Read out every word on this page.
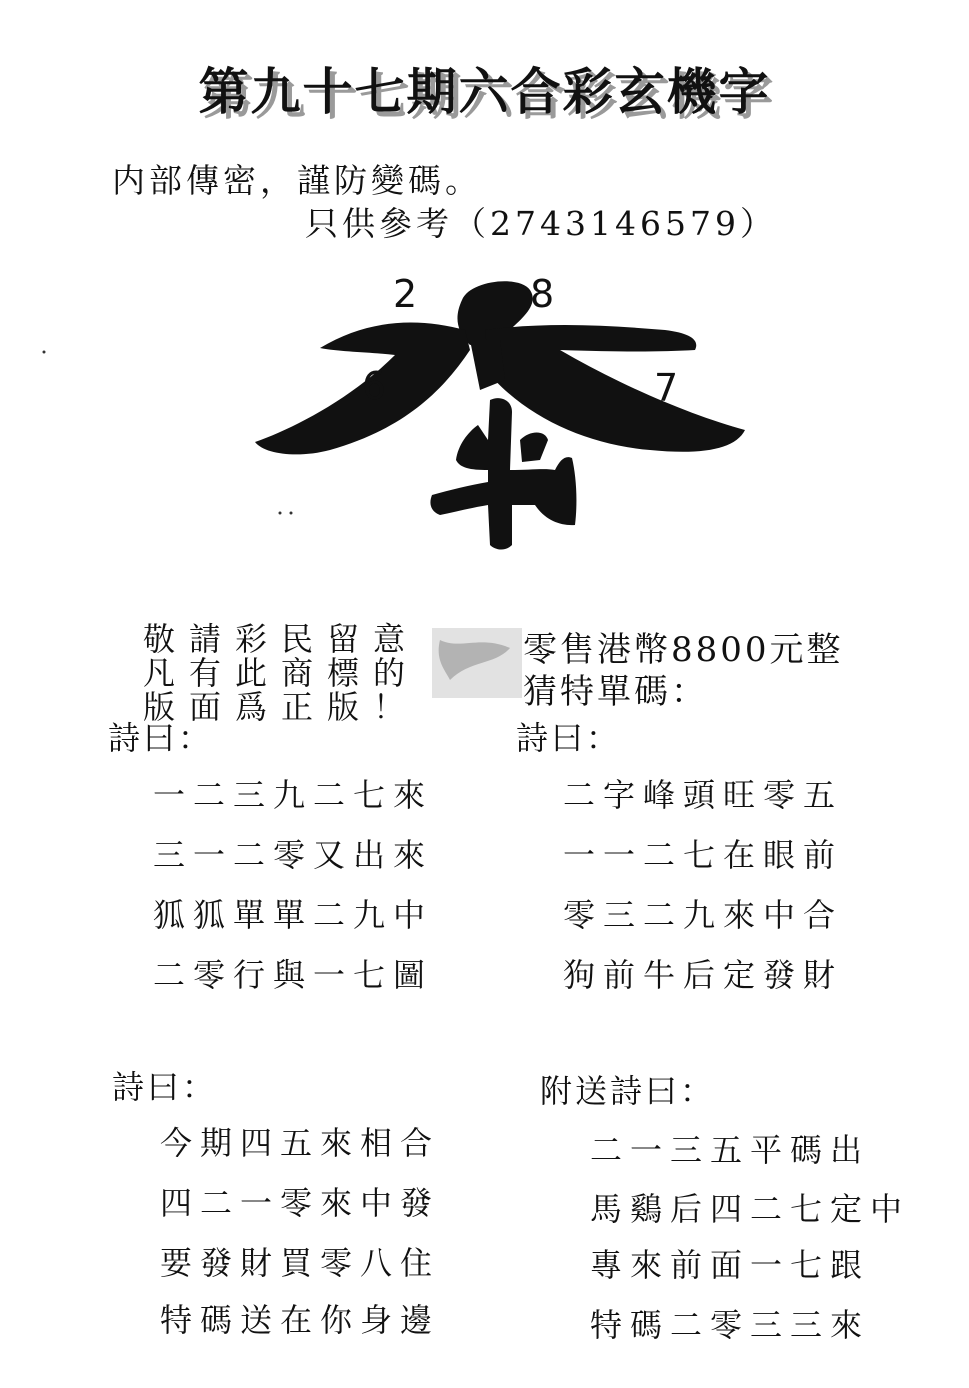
第九十七期六合彩玄機字
内部傳密，謹防變碼。
只供參考（2743146579）
2	8
6	7
敬請彩民留意
凡有此商標的
版面爲正版！
零售港幣8800元整
猜特單碼：
詩曰：
一二三九二七來
三一二零又出來
狐狐單單二九中
二零行與一七圖
詩曰：
二字峰頭旺零五
一一二七在眼前
零三二九來中合
狗前牛后定發財
詩曰：
今期四五來相合
四二一零來中發
要發財買零八住
特碼送在你身邊
附送詩曰：
二一三五平碼出
馬鷄后四二七定中
專來前面一七跟
特碼二零三三來
